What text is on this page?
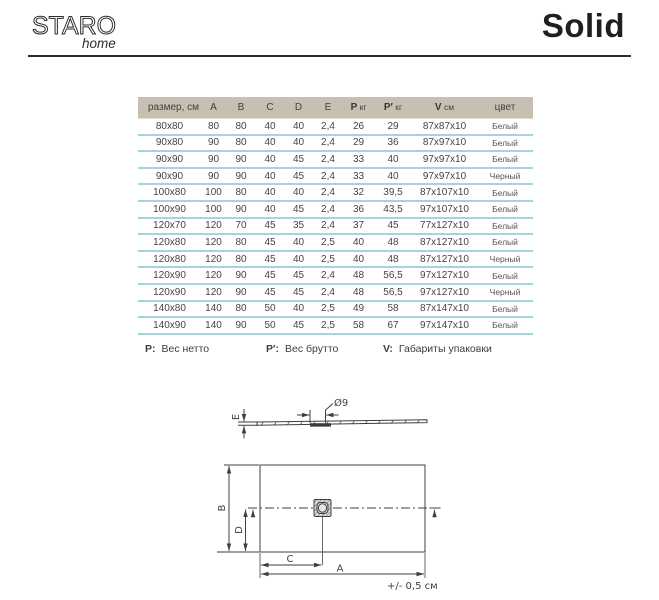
STARO
home	Solid
размер, см	A	B	C	D	E	P кг	P′ кг	V см	цвет
80x80	80	80	40	40	2,4	26	29	87x87x10	Белый
90x80	90	80	40	40	2,4	29	36	87x97x10	Белый
90x90	90	90	40	45	2,4	33	40	97x97x10	Белый
90x90	90	90	40	45	2,4	33	40	97x97x10	Черный
100x80	100	80	40	40	2,4	32	39,5	87x107x10	Белый
100x90	100	90	40	45	2,4	36	43,5	97x107x10	Белый
120x70	120	70	45	35	2,4	37	45	77x127x10	Белый
120x80	120	80	45	40	2,5	40	48	87x127x10	Белый
120x80	120	80	45	40	2,5	40	48	87x127x10	Черный
120x90	120	90	45	45	2,4	48	56,5	97x127x10	Белый
120x90	120	90	45	45	2,4	48	56,5	97x127x10	Черный
140x80	140	80	50	40	2,5	49	58	87x147x10	Белый
140x90	140	90	50	45	2,5	58	67	97x147x10	Белый
P: Вес нетто	P′: Вес брутто	V: Габариты упаковки
E
Ø9
B
D
C
A
+/- 0,5 см
